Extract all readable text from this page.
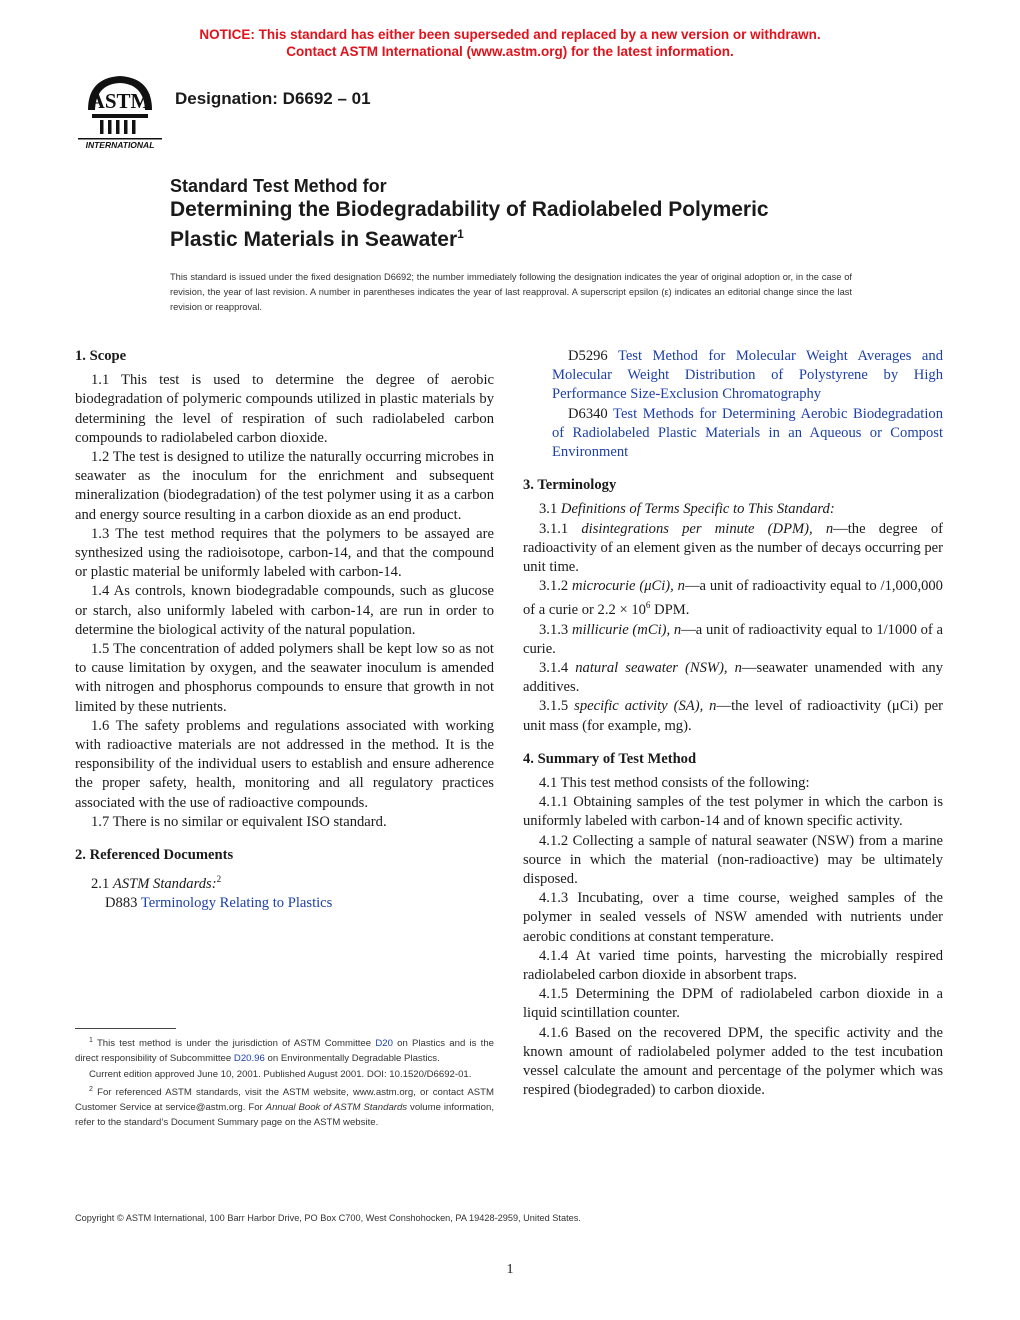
NOTICE: This standard has either been superseded and replaced by a new version or withdrawn.
Contact ASTM International (www.astm.org) for the latest information.
ASTM
INTERNATIONAL
Designation: D6692 – 01
Standard Test Method for
Determining the Biodegradability of Radiolabeled Polymeric
Plastic Materials in Seawater$^1$
This standard is issued under the fixed designation D6692; the number immediately following the designation indicates the year of original adoption or, in the case of revision, the year of last revision. A number in parentheses indicates the year of last reapproval. A superscript epsilon (ε) indicates an editorial change since the last revision or reapproval.
1. Scope

1.1 This test is used to determine the degree of aerobic biodegradation of polymeric compounds utilized in plastic materials by determining the level of respiration of such radiolabeled carbon compounds to radiolabeled carbon dioxide.

1.2 The test is designed to utilize the naturally occurring microbes in seawater as the inoculum for the enrichment and subsequent mineralization (biodegradation) of the test polymer using it as a carbon and energy source resulting in a carbon dioxide as an end product.

1.3 The test method requires that the polymers to be assayed are synthesized using the radioisotope, carbon-14, and that the compound or plastic material be uniformly labeled with carbon-14.

1.4 As controls, known biodegradable compounds, such as glucose or starch, also uniformly labeled with carbon-14, are run in order to determine the biological activity of the natural population.

1.5 The concentration of added polymers shall be kept low so as not to cause limitation by oxygen, and the seawater inoculum is amended with nitrogen and phosphorus compounds to ensure that growth in not limited by these nutrients.

1.6 The safety problems and regulations associated with working with radioactive materials are not addressed in the method. It is the responsibility of the individual users to establish and ensure adherence the proper safety, health, monitoring and all regulatory practices associated with the use of radioactive compounds.

1.7 There is no similar or equivalent ISO standard.

2. Referenced Documents

2.1 ASTM Standards:$^2$

D883 Terminology Relating to Plastics

D5296 Test Method for Molecular Weight Averages and Molecular Weight Distribution of Polystyrene by High Performance Size-Exclusion Chromatography

D6340 Test Methods for Determining Aerobic Biodegradation of Radiolabeled Plastic Materials in an Aqueous or Compost Environment

3. Terminology

3.1 Definitions of Terms Specific to This Standard:

3.1.1 disintegrations per minute (DPM), n—the degree of radioactivity of an element given as the number of decays occurring per unit time.

3.1.2 microcurie (μCi), n—a unit of radioactivity equal to /1,000,000 of a curie or $2.2 \times 10^6$ DPM.

3.1.3 millicurie (mCi), n—a unit of radioactivity equal to 1/1000 of a curie.

3.1.4 natural seawater (NSW), n—seawater unamended with any additives.

3.1.5 specific activity (SA), n—the level of radioactivity (μCi) per unit mass (for example, mg).

4. Summary of Test Method

4.1 This test method consists of the following:

4.1.1 Obtaining samples of the test polymer in which the carbon is uniformly labeled with carbon-14 and of known specific activity.

4.1.2 Collecting a sample of natural seawater (NSW) from a marine source in which the material (non-radioactive) may be ultimately disposed.

4.1.3 Incubating, over a time course, weighed samples of the polymer in sealed vessels of NSW amended with nutrients under aerobic conditions at constant temperature.

4.1.4 At varied time points, harvesting the microbially respired radiolabeled carbon dioxide in absorbent traps.

4.1.5 Determining the DPM of radiolabeled carbon dioxide in a liquid scintillation counter.

4.1.6 Based on the recovered DPM, the specific activity and the known amount of radiolabeled polymer added to the test incubation vessel calculate the amount and percentage of the polymer which was respired (biodegraded) to carbon dioxide.

$^1$ This test method is under the jurisdiction of ASTM Committee D20 on Plastics and is the direct responsibility of Subcommittee D20.96 on Environmentally Degradable Plastics.

Current edition approved June 10, 2001. Published August 2001. DOI: 10.1520/D6692-01.

$^2$ For referenced ASTM standards, visit the ASTM website, www.astm.org, or contact ASTM Customer Service at service@astm.org. For Annual Book of ASTM Standards volume information, refer to the standard’s Document Summary page on the ASTM website.

Copyright © ASTM International, 100 Barr Harbor Drive, PO Box C700, West Conshohocken, PA 19428-2959, United States.
1
